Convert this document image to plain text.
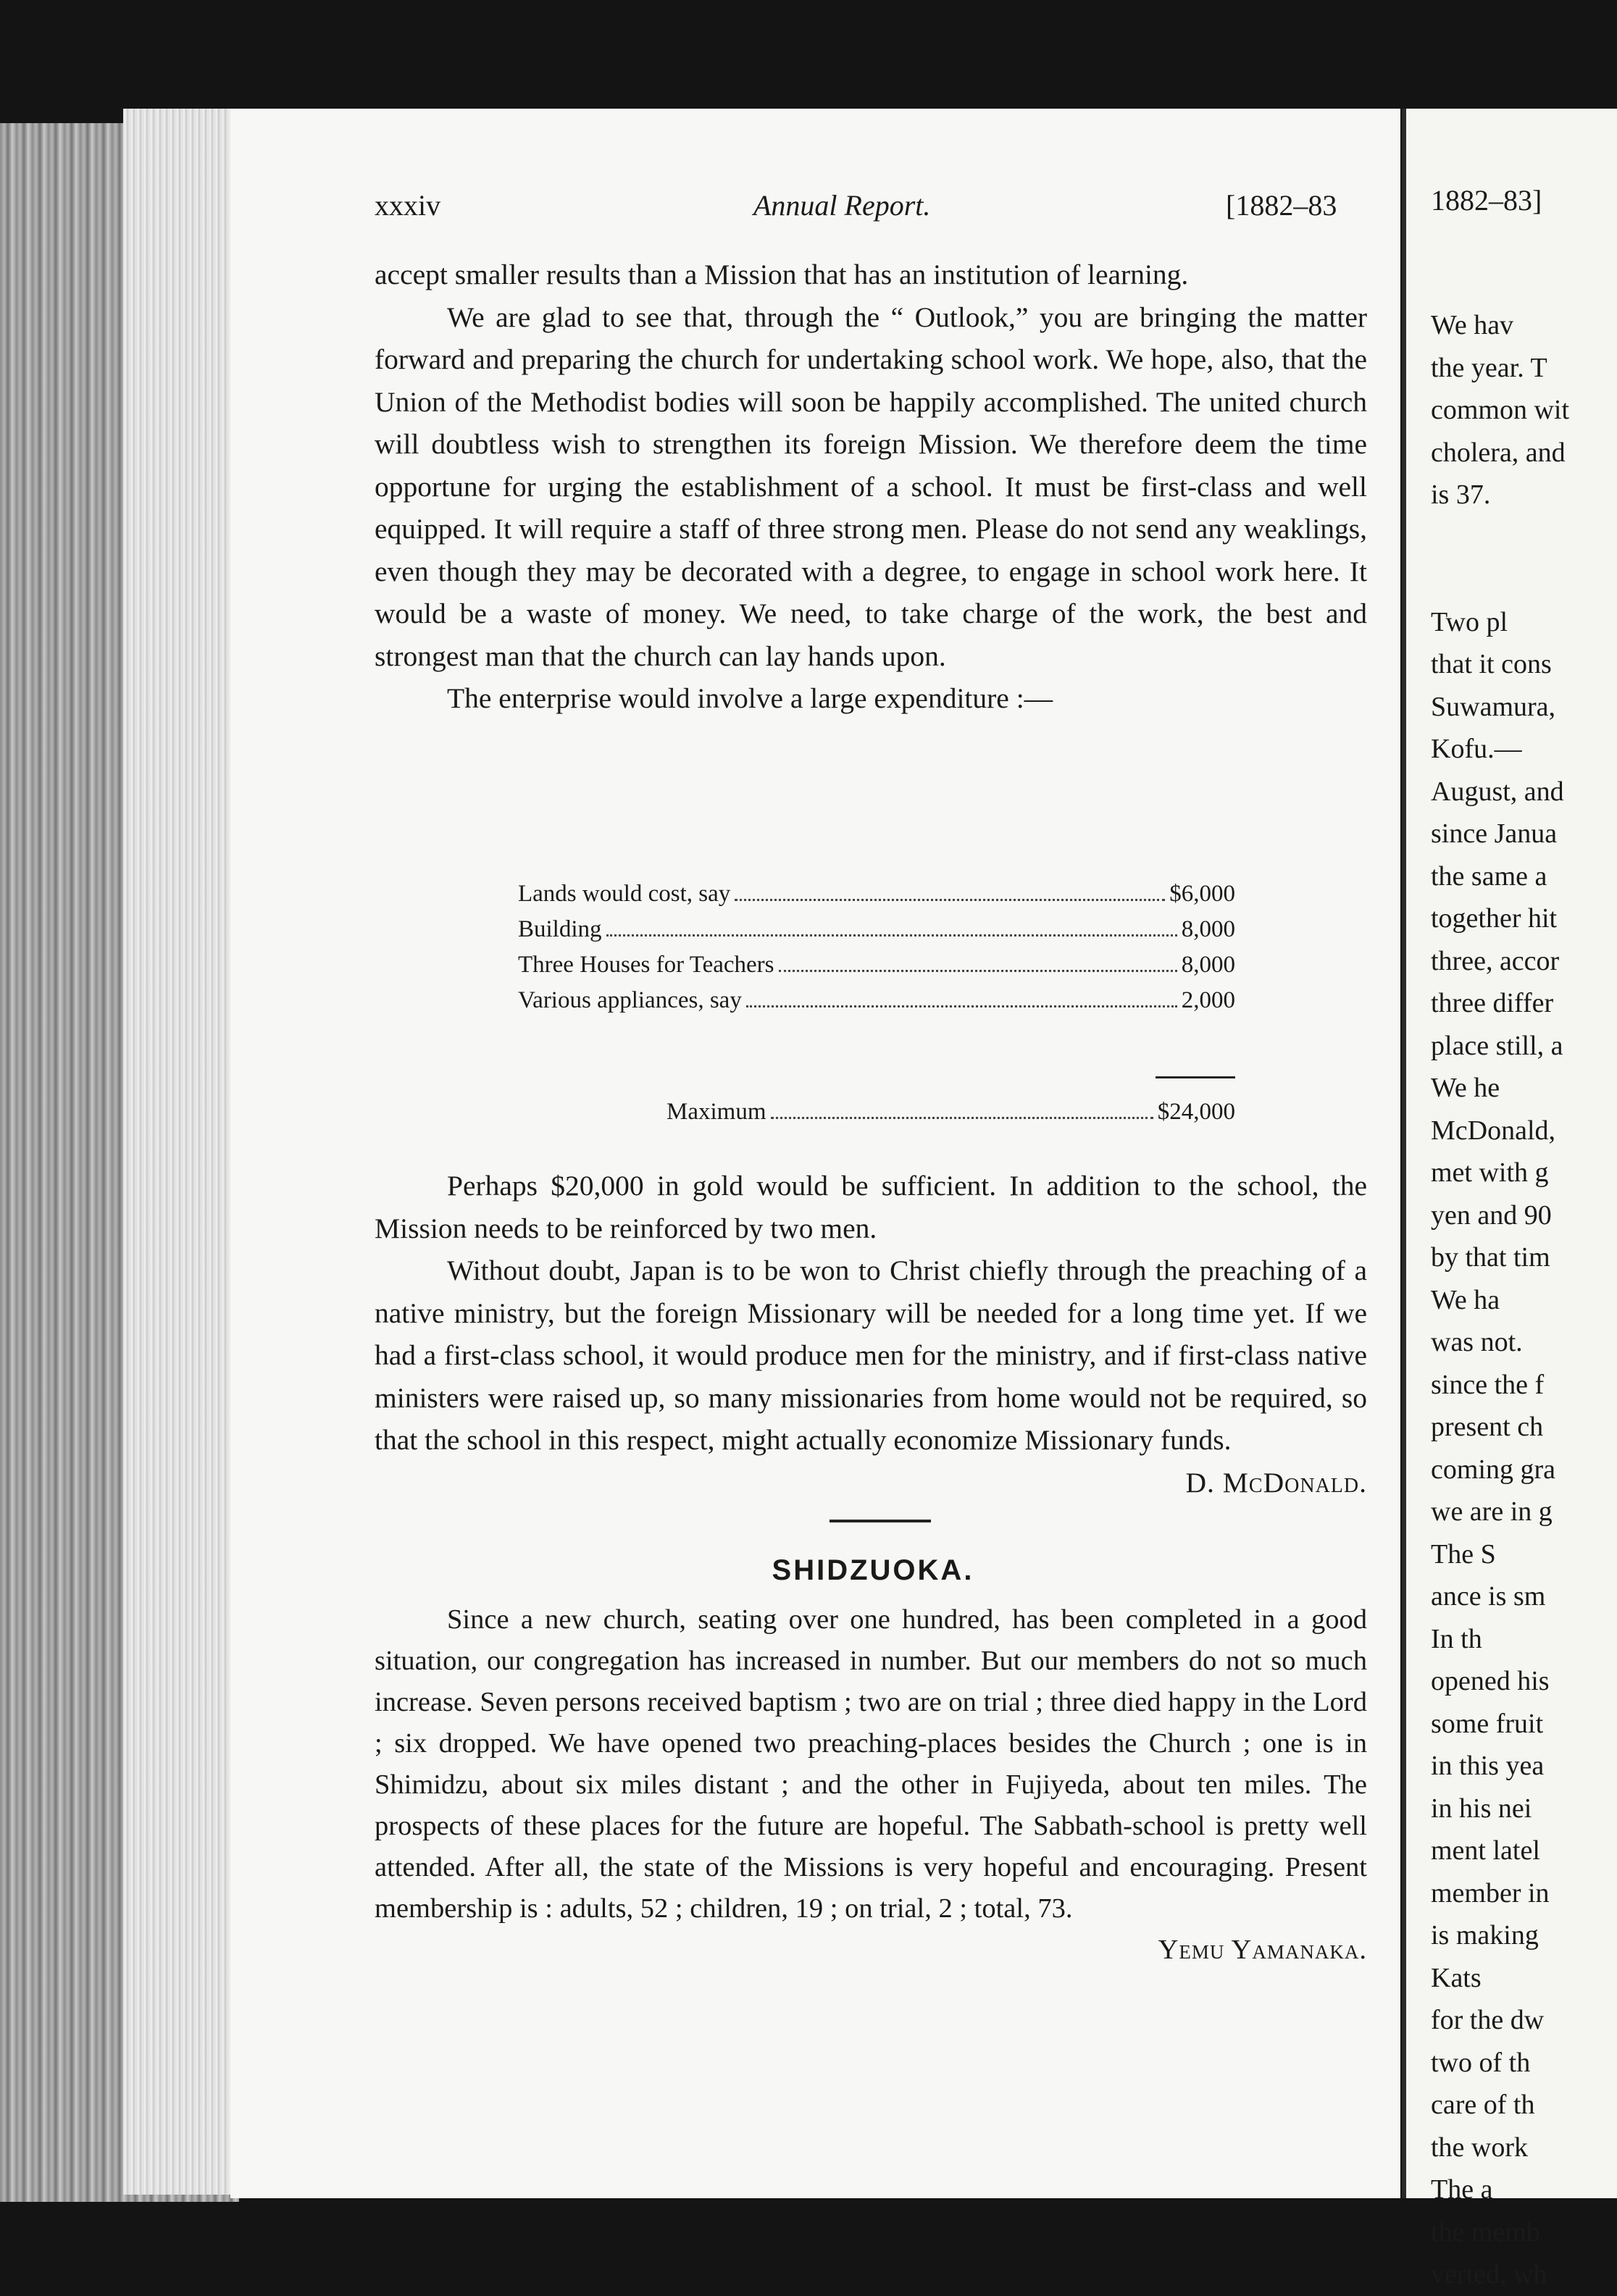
xxxiv	Annual Report.	[1882–83

accept smaller results than a Mission that has an institution of learning.

We are glad to see that, through the “ Outlook,” you are bringing the matter forward and preparing the church for undertaking school work. We hope, also, that the Union of the Methodist bodies will soon be happily accomplished. The united church will doubtless wish to strengthen its foreign Mission. We therefore deem the time opportune for urging the establishment of a school. It must be first-class and well equipped. It will require a staff of three strong men. Please do not send any weaklings, even though they may be decorated with a degree, to engage in school work here. It would be a waste of money. We need, to take charge of the work, the best and strongest man that the church can lay hands upon.

The enterprise would involve a large expenditure :—

Lands would cost, say	$6,000
Building	8,000
Three Houses for Teachers	8,000
Various appliances, say	2,000
Maximum	$24,000

Perhaps $20,000 in gold would be sufficient. In addition to the school, the Mission needs to be reinforced by two men.

Without doubt, Japan is to be won to Christ chiefly through the preaching of a native ministry, but the foreign Missionary will be needed for a long time yet. If we had a first-class school, it would produce men for the ministry, and if first-class native ministers were raised up, so many missionaries from home would not be required, so that the school in this respect, might actually economize Missionary funds.

D. McDonald.

SHIDZUOKA.

Since a new church, seating over one hundred, has been completed in a good situation, our congregation has increased in number. But our members do not so much increase. Seven persons received baptism ; two are on trial ; three died happy in the Lord ; six dropped. We have opened two preaching-places besides the Church ; one is in Shimidzu, about six miles distant ; and the other in Fujiyeda, about ten miles. The prospects of these places for the future are hopeful. The Sabbath-school is pretty well attended. After all, the state of the Missions is very hopeful and encouraging. Present membership is : adults, 52 ; children, 19 ; on trial, 2 ; total, 73.

Yemu Yamanaka.

1882–83]
We hav
the year. T
common wit
cholera, and
is 37.

Two pl
that it cons
Suwamura,
Kofu.—
August, and
since Janua
the same a
together hit
three, accor
three differ
place still, a
We he
McDonald,
met with g
yen and 90
by that tim
We ha
was not.
since the f
present ch
coming gra
we are in g
The S
ance is sm
In th
opened his
some fruit
in this yea
in his nei
ment latel
member in
is making
Kats
for the dw
two of th
care of th
the work
The a
the memb
verted, wh
